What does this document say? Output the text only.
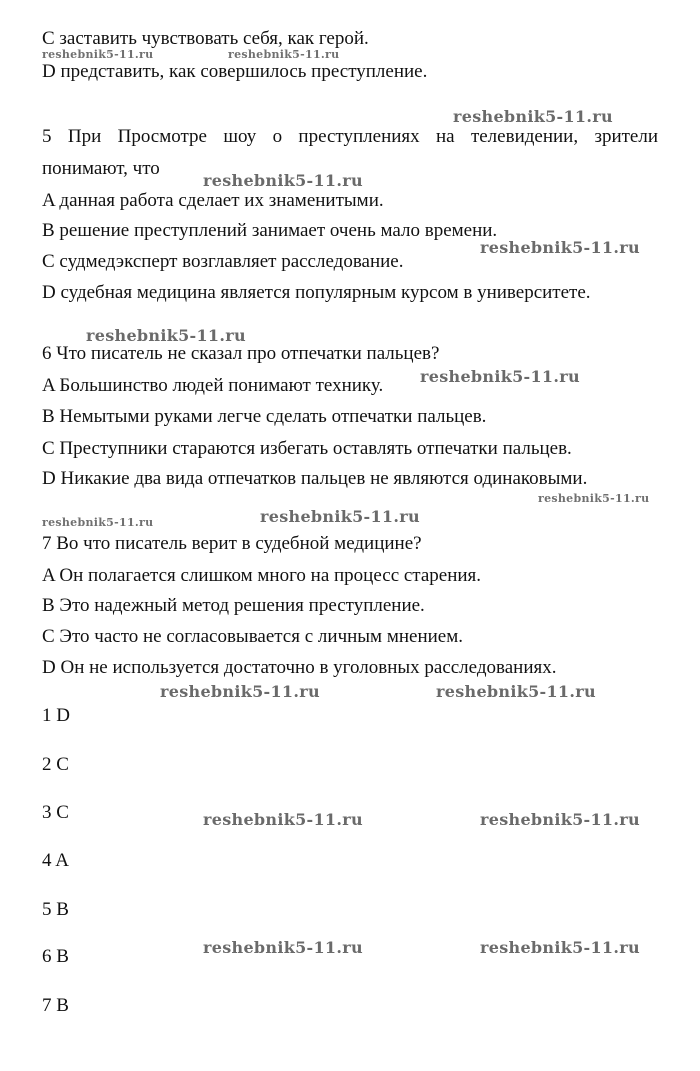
C заставить чувствовать себя, как герой.
D представить, как совершилось преступление.
5 При Просмотре шоу о преступлениях на телевидении, зрители
понимают, что
A данная работа сделает их знаменитыми.
B решение преступлений занимает очень мало времени.
C судмедэксперт возглавляет расследование.
D судебная медицина является популярным курсом в университете.
6 Что писатель не сказал про отпечатки пальцев?
A Большинство людей понимают технику.
B Немытыми руками легче сделать отпечатки пальцев.
C Преступники стараются избегать оставлять отпечатки пальцев.
D Никакие два вида отпечатков пальцев не являются одинаковыми.
7 Во что писатель верит в судебной медицине?
A Он полагается слишком много на процесс старения.
B Это надежный метод решения преступление.
C Это часто не согласовывается с личным мнением.
D Он не используется достаточно в уголовных расследованиях.
1 D
2 C
3 C
4 A
5 B
6 B
7 B
reshebnik5-11.ru	reshebnik5-11.ru
reshebnik5-11.ru
reshebnik5-11.ru
reshebnik5-11.ru
reshebnik5-11.ru
reshebnik5-11.ru
reshebnik5-11.ru
reshebnik5-11.ru	reshebnik5-11.ru
reshebnik5-11.ru	reshebnik5-11.ru
reshebnik5-11.ru	reshebnik5-11.ru
reshebnik5-11.ru	reshebnik5-11.ru
